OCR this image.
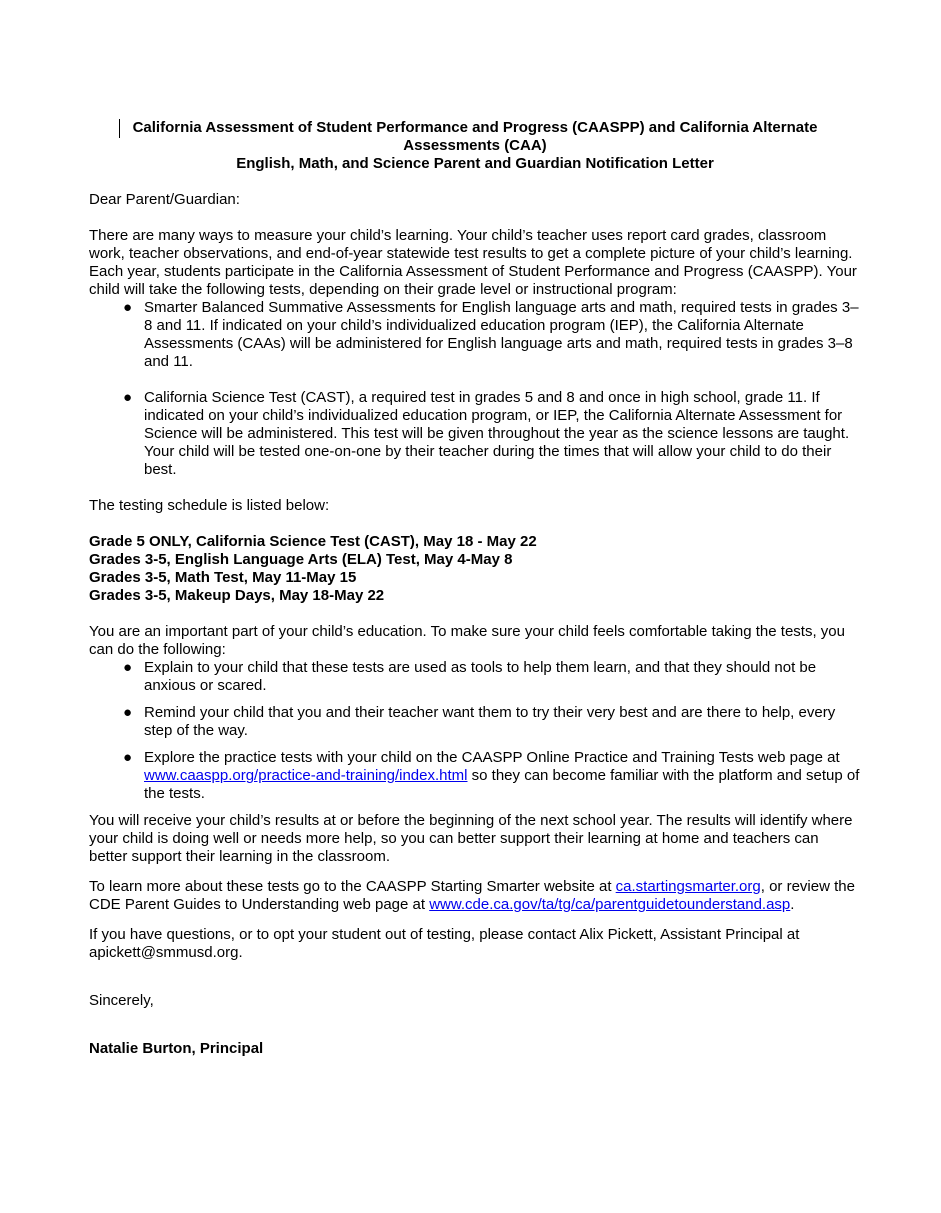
California Assessment of Student Performance and Progress (CAASPP) and California Alternate Assessments (CAA)
English, Math, and Science Parent and Guardian Notification Letter

Dear Parent/Guardian:

There are many ways to measure your child’s learning. Your child’s teacher uses report card grades, classroom work, teacher observations, and end-of-year statewide test results to get a complete picture of your child’s learning. Each year, students participate in the California Assessment of Student Performance and Progress (CAASPP). Your child will take the following tests, depending on their grade level or instructional program:

● Smarter Balanced Summative Assessments for English language arts and math, required tests in grades 3–8 and 11. If indicated on your child’s individualized education program (IEP), the California Alternate Assessments (CAAs) will be administered for English language arts and math, required tests in grades 3–8 and 11.
● California Science Test (CAST), a required test in grades 5 and 8 and once in high school, grade 11. If indicated on your child’s individualized education program, or IEP, the California Alternate Assessment for Science will be administered. This test will be given throughout the year as the science lessons are taught. Your child will be tested one-on-one by their teacher during the times that will allow your child to do their best.

The testing schedule is listed below:

Grade 5 ONLY, California Science Test (CAST), May 18 - May 22
Grades 3-5, English Language Arts (ELA) Test, May 4-May 8
Grades 3-5, Math Test, May 11-May 15
Grades 3-5, Makeup Days, May 18-May 22

You are an important part of your child’s education. To make sure your child feels comfortable taking the tests, you can do the following:

● Explain to your child that these tests are used as tools to help them learn, and that they should not be anxious or scared.
● Remind your child that you and their teacher want them to try their very best and are there to help, every step of the way.
● Explore the practice tests with your child on the CAASPP Online Practice and Training Tests web page at www.caaspp.org/practice-and-training/index.html so they can become familiar with the platform and setup of the tests.

You will receive your child’s results at or before the beginning of the next school year. The results will identify where your child is doing well or needs more help, so you can better support their learning at home and teachers can better support their learning in the classroom.

To learn more about these tests go to the CAASPP Starting Smarter website at ca.startingsmarter.org, or review the CDE Parent Guides to Understanding web page at www.cde.ca.gov/ta/tg/ca/parentguidetounderstand.asp.

If you have questions, or to opt your student out of testing, please contact Alix Pickett, Assistant Principal at apickett@smmusd.org.

Sincerely,

Natalie Burton, Principal
